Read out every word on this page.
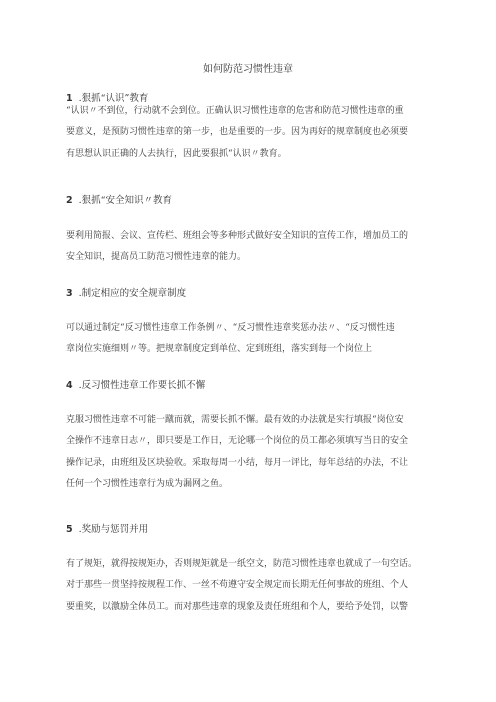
如何防范习惯性违章
1 .狠抓“认识”教育
“认识〃不到位，行动就不会到位。正确认识习惯性违章的危害和防范习惯性违章的重
要意义，是预防习惯性违章的第一步，也是重要的一步。因为再好的规章制度也必须要
有思想认识正确的人去执行，因此要狠抓“认识〃教育。
2 .狠抓“安全知识〃教育
要利用简报、会议、宣传栏、班组会等多种形式做好安全知识的宣传工作，增加员工的
安全知识，提高员工防范习惯性违章的能力。
3 .制定相应的安全规章制度
可以通过制定“反习惯性违章工作条例〃、“反习惯性违章奖惩办法〃、“反习惯性违
章岗位实施细则〃等。把规章制度定到单位、定到班组，落实到每一个岗位上
4 .反习惯性违章工作要长抓不懈
克服习惯性违章不可能一蹴而就，需要长抓不懈。最有效的办法就是实行填报“岗位安
全操作不违章日志〃，即只要是工作日，无论哪一个岗位的员工都必须填写当日的安全
操作记录，由班组及区块验收。采取每周一小结，每月一评比，每年总结的办法，不让
任何一个习惯性违章行为成为漏网之鱼。
5 .奖励与惩罚并用
有了规矩，就得按规矩办，否则规矩就是一纸空文，防范习惯性违章也就成了一句空话。
对于那些一贯坚持按规程工作、一丝不苟遵守安全规定而长期无任何事故的班组、个人
要重奖，以激励全体员工。而对那些违章的现象及责任班组和个人，要给予处罚，以警
